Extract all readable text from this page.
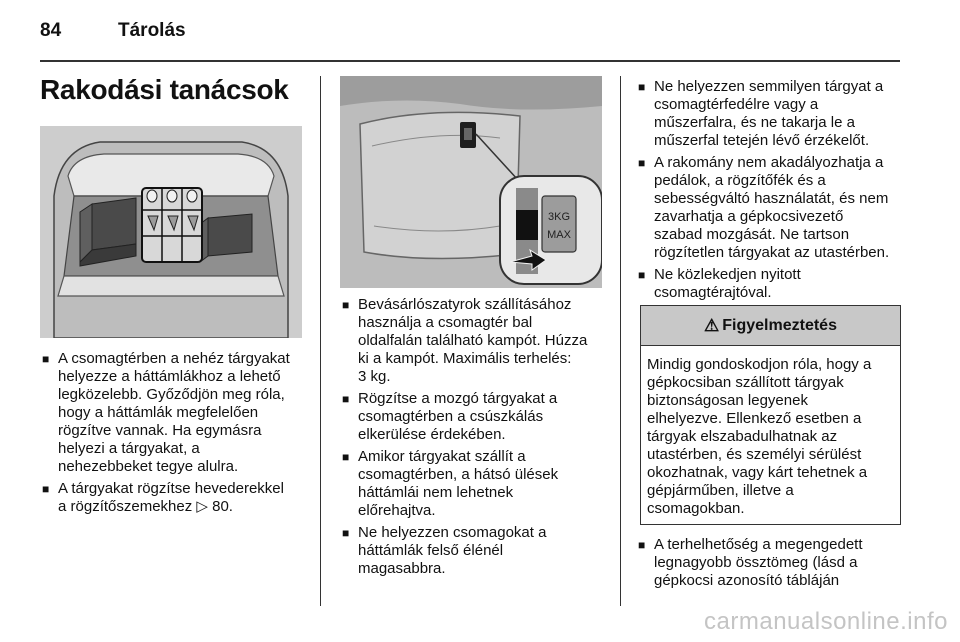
84	Tárolás
Rakodási tanácsok
3KG
MAX
■ A csomagtérben a nehéz tárgyakat
helyezze a háttámlákhoz a lehető
legközelebb. Győződjön meg róla,
hogy a háttámlák megfelelően
rögzítve vannak. Ha egymásra
helyezi a tárgyakat, a
nehezebbeket tegye alulra.
■ A tárgyakat rögzítse hevederekkel
a rögzítőszemekhez ▷ 80.
■ Bevásárlószatyrok szállításához
használja a csomagtér bal
oldalfalán található kampót. Húzza
ki a kampót. Maximális terhelés:
3 kg.
■ Rögzítse a mozgó tárgyakat a
csomagtérben a csúszkálás
elkerülése érdekében.
■ Amikor tárgyakat szállít a
csomagtérben, a hátsó ülések
háttámlái nem lehetnek
előrehajtva.
■ Ne helyezzen csomagokat a
háttámlák felső élénél
magasabbra.
■ Ne helyezzen semmilyen tárgyat a
csomagtérfedélre vagy a
műszerfalra, és ne takarja le a
műszerfal tetején lévő érzékelőt.
■ A rakomány nem akadályozhatja a
pedálok, a rögzítőfék és a
sebességváltó használatát, és nem
zavarhatja a gépkocsivezető
szabad mozgását. Ne tartson
rögzítetlen tárgyakat az utastérben.
■ Ne közlekedjen nyitott
csomagtérajtóval.
⚠ Figyelmeztetés
Mindig gondoskodjon róla, hogy a
gépkocsiban szállított tárgyak
biztonságosan legyenek
elhelyezve. Ellenkező esetben a
tárgyak elszabadulhatnak az
utastérben, és személyi sérülést
okozhatnak, vagy kárt tehetnek a
gépjárműben, illetve a
csomagokban.
■ A terhelhetőség a megengedett
legnagyobb össztömeg (lásd a
gépkocsi azonosító tábláján
carmanualsonline.info
